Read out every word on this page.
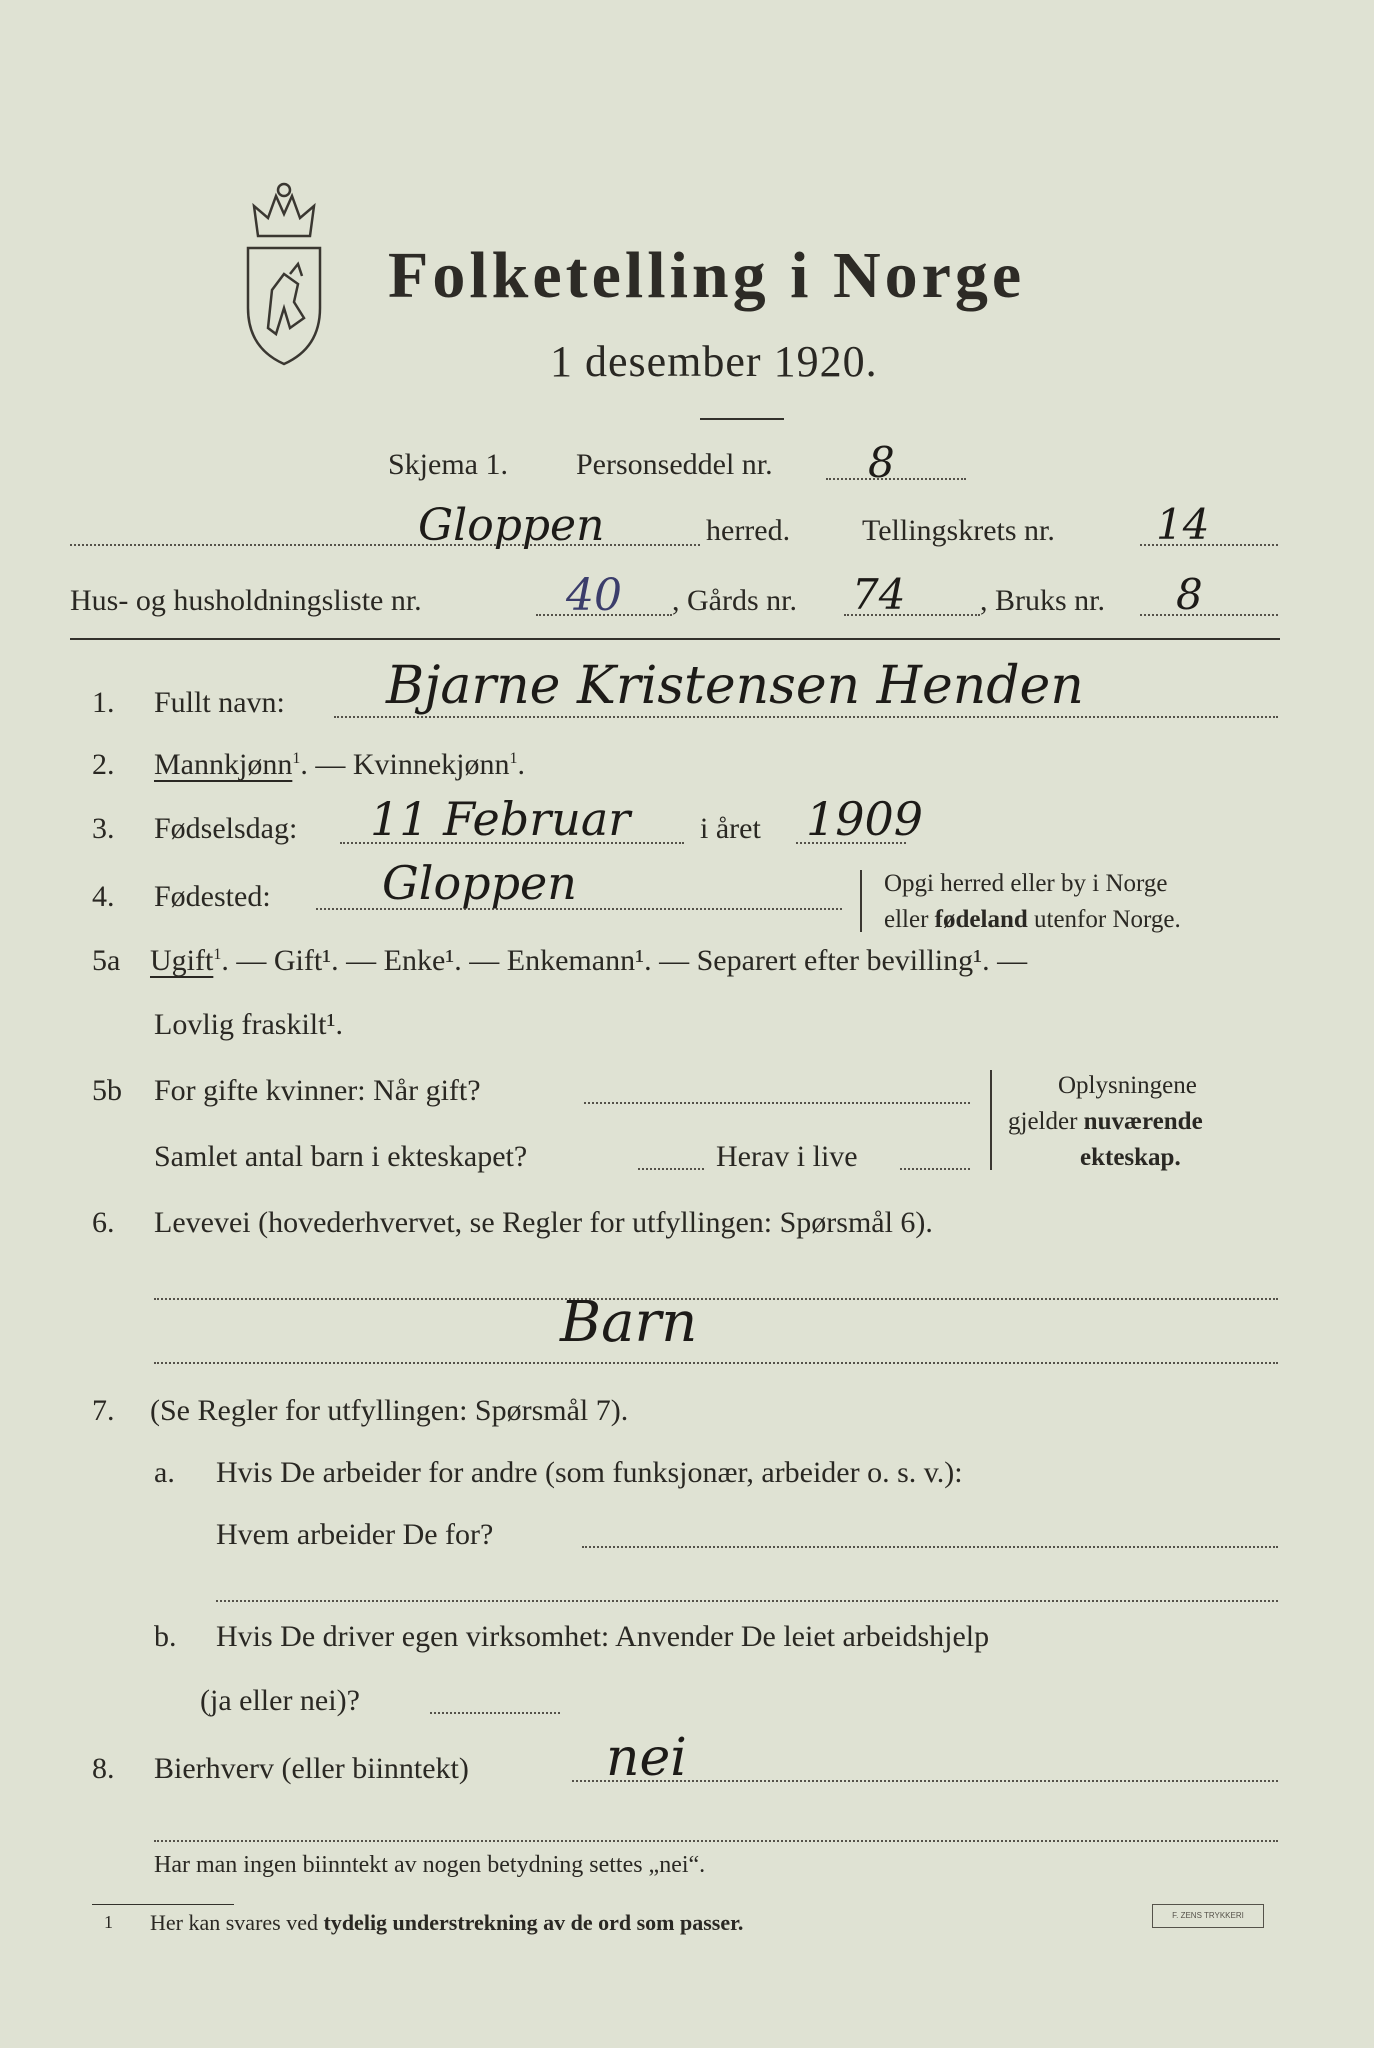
Folketelling i Norge
1 desember 1920.
Skjema 1. Personseddel nr. 8
Gloppen	herred. Tellingskrets nr. 14
Hus- og husholdningsliste nr.	40 , Gårds nr. 74 , Bruks nr. 8
1. Fullt navn: Bjarne Kristensen Henden
2. Mannkjønn$^1$. — Kvinnekjønn$^1$.
3. Fødselsdag: 11 Februar i året 1909
4. Fødested: Gloppen	Opgi herred eller by i Norge
eller fødeland utenfor Norge.
5a Ugift$^1$. — Gift¹. — Enke¹. — Enkemann¹. — Separert efter bevilling¹. —
Lovlig fraskilt¹.
5b For gifte kvinner: Når gift?
Samlet antal barn i ekteskapet?	Herav i live
Oplysningene
gjelder nuværende
ekteskap.
6. Levevei (hovederhvervet, se Regler for utfyllingen: Spørsmål 6).
Barn
7. (Se Regler for utfyllingen: Spørsmål 7).
a. Hvis De arbeider for andre (som funksjonær, arbeider o. s. v.):
Hvem arbeider De for?
b. Hvis De driver egen virksomhet: Anvender De leiet arbeidshjelp
(ja eller nei)?
8. Bierhverv (eller biinntekt)	nei
Har man ingen biinntekt av nogen betydning settes „nei“.
1 Her kan svares ved tydelig understrekning av de ord som passer.	F. ZENS TRYKKERI
